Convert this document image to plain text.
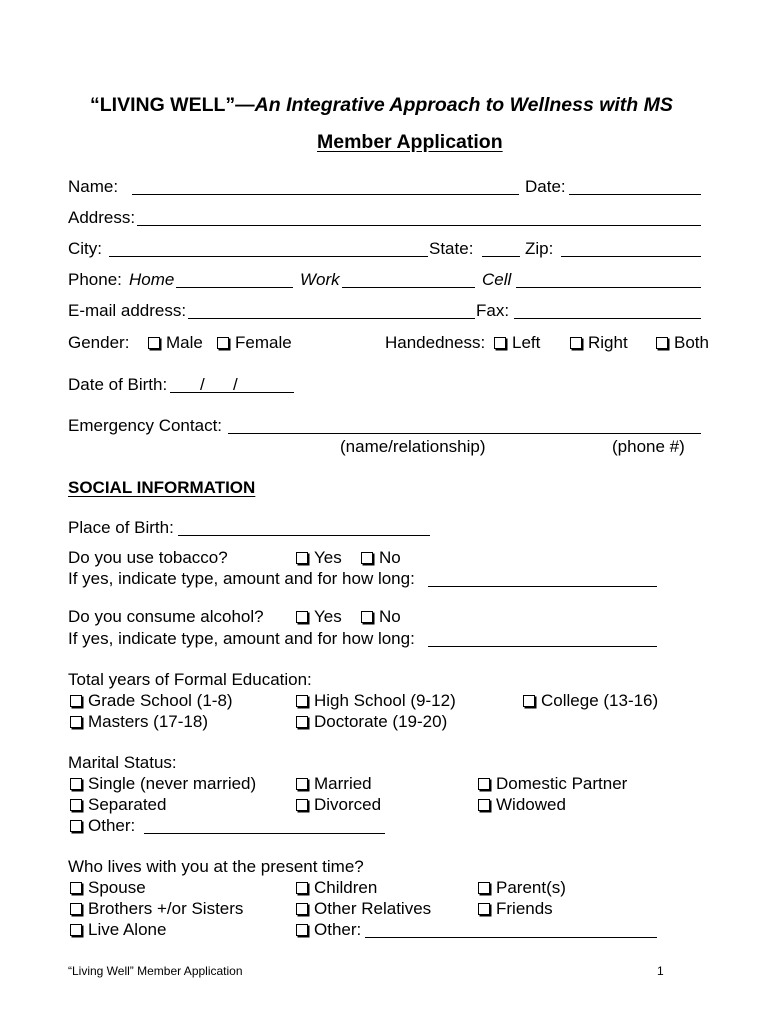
“LIVING WELL”—An Integrative Approach to Wellness with MS
Member Application
Name:	Date:
Address:
City:	State:	Zip:
Phone: Home	Work	Cell
E-mail address:	Fax:
Gender: Male Female	Handedness: Left	Right	Both
Date of Birth: / /
Emergency Contact:
(name/relationship)	(phone #)
SOCIAL INFORMATION
Place of Birth:
Do you use tobacco?	Yes No
If yes, indicate type, amount and for how long:
Do you consume alcohol?	Yes No
If yes, indicate type, amount and for how long:
Total years of Formal Education:
Grade School (1-8)	High School (9-12)	College (13-16)
Masters (17-18)	Doctorate (19-20)
Marital Status:
Single (never married)	Married	Domestic Partner
Separated	Divorced	Widowed
Other:
Who lives with you at the present time?
Spouse	Children	Parent(s)
Brothers +/or Sisters	Other Relatives	Friends
Live Alone	Other:
“Living Well” Member Application	1
